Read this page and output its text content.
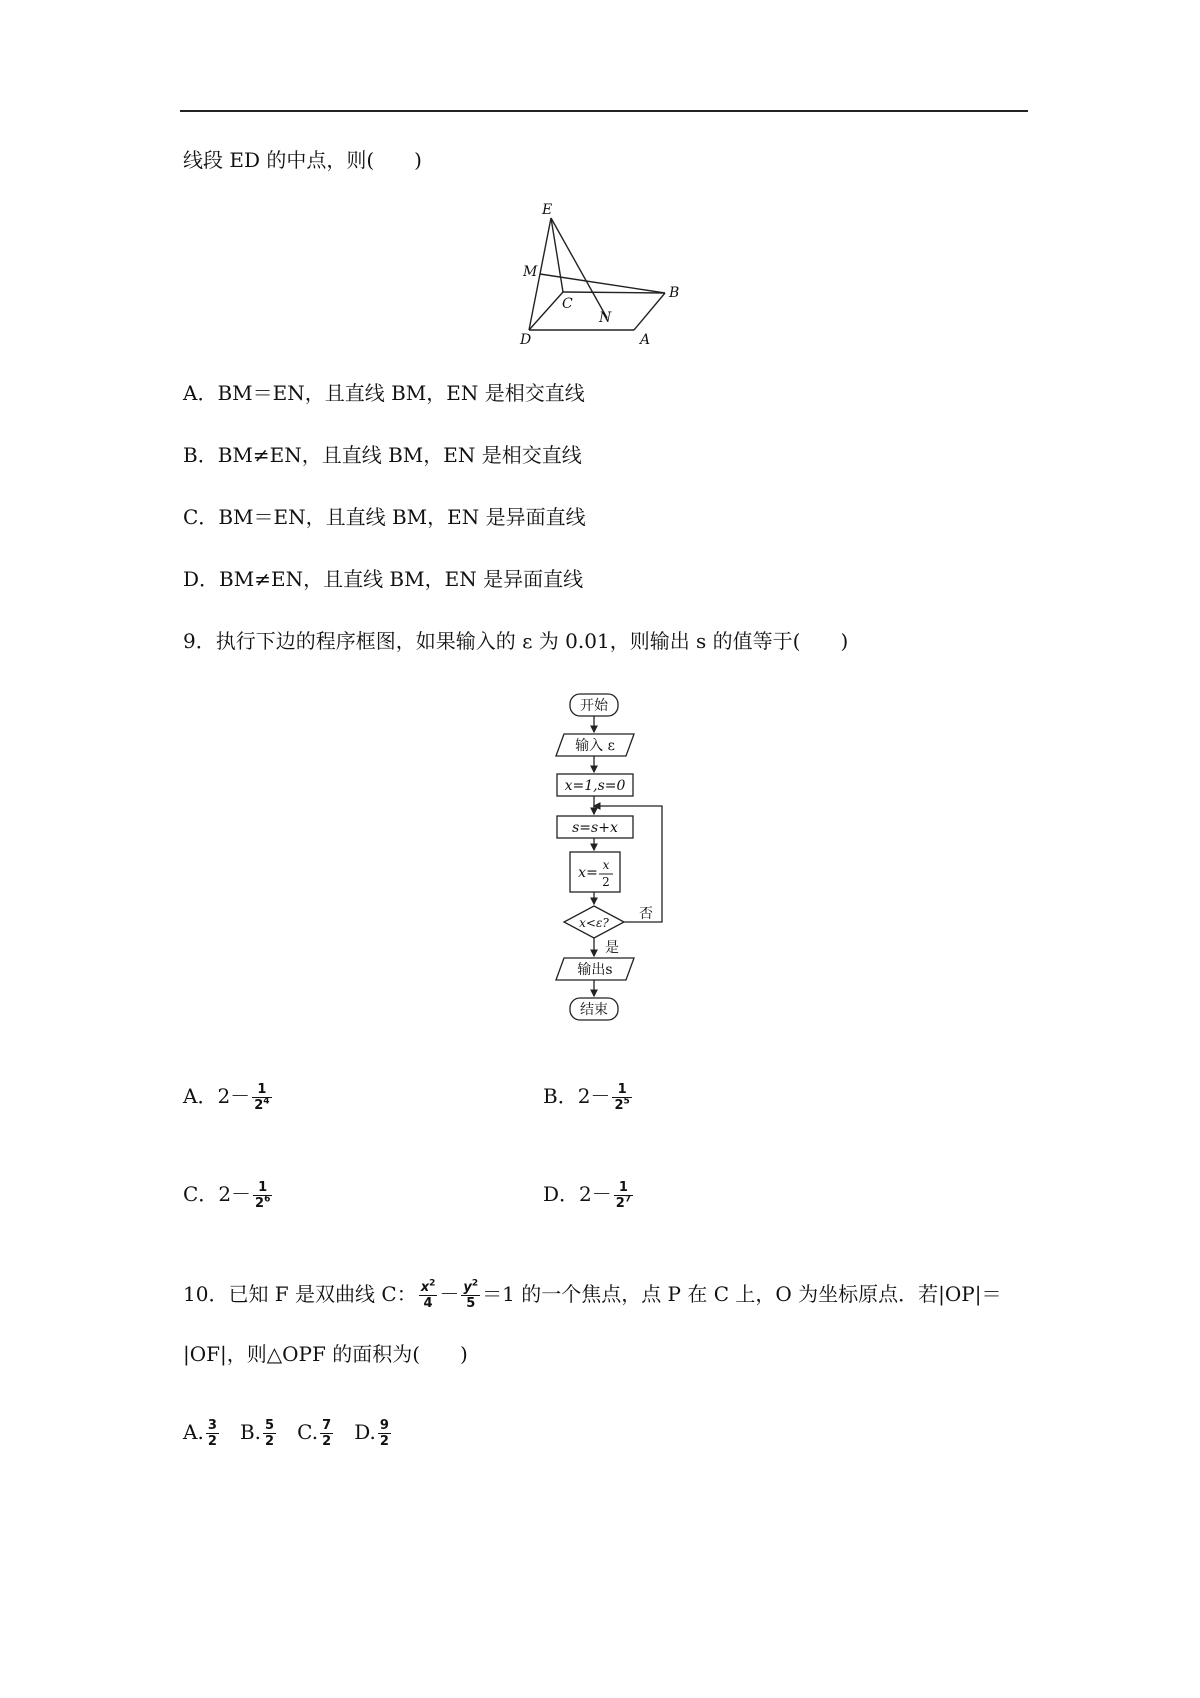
线段 ED 的中点，则(　　)
E
M
C
N
B
D	A
A．BM＝EN，且直线 BM，EN 是相交直线
B．BM≠EN，且直线 BM，EN 是相交直线
C．BM＝EN，且直线 BM，EN 是异面直线
D．BM≠EN，且直线 BM，EN 是异面直线
9．执行下边的程序框图，如果输入的 ε 为 0.01，则输出 s 的值等于(　　)
开始
输入 ε
x=1,s=0
s=s+x
x= x
2
x<ε?
否
是
输出s
结束
A．$2- \frac{1}{2^4}$	B．$2- \frac{1}{2^5}$
C．$2- \frac{1}{2^6}$	D．$2- \frac{1}{2^7}$
10．已知 F 是双曲线 C： $\frac{x^2}{4} - \frac{y^2}{5} =1$ 的一个焦点，点 P 在 C 上，O 为坐标原点．若|OP|＝
|OF|，则△OPF 的面积为(　　)
A. $\frac{3}{2} B$. $\frac{5}{2} C$. $\frac{7}{2} D$. $\frac{9}{2}$
